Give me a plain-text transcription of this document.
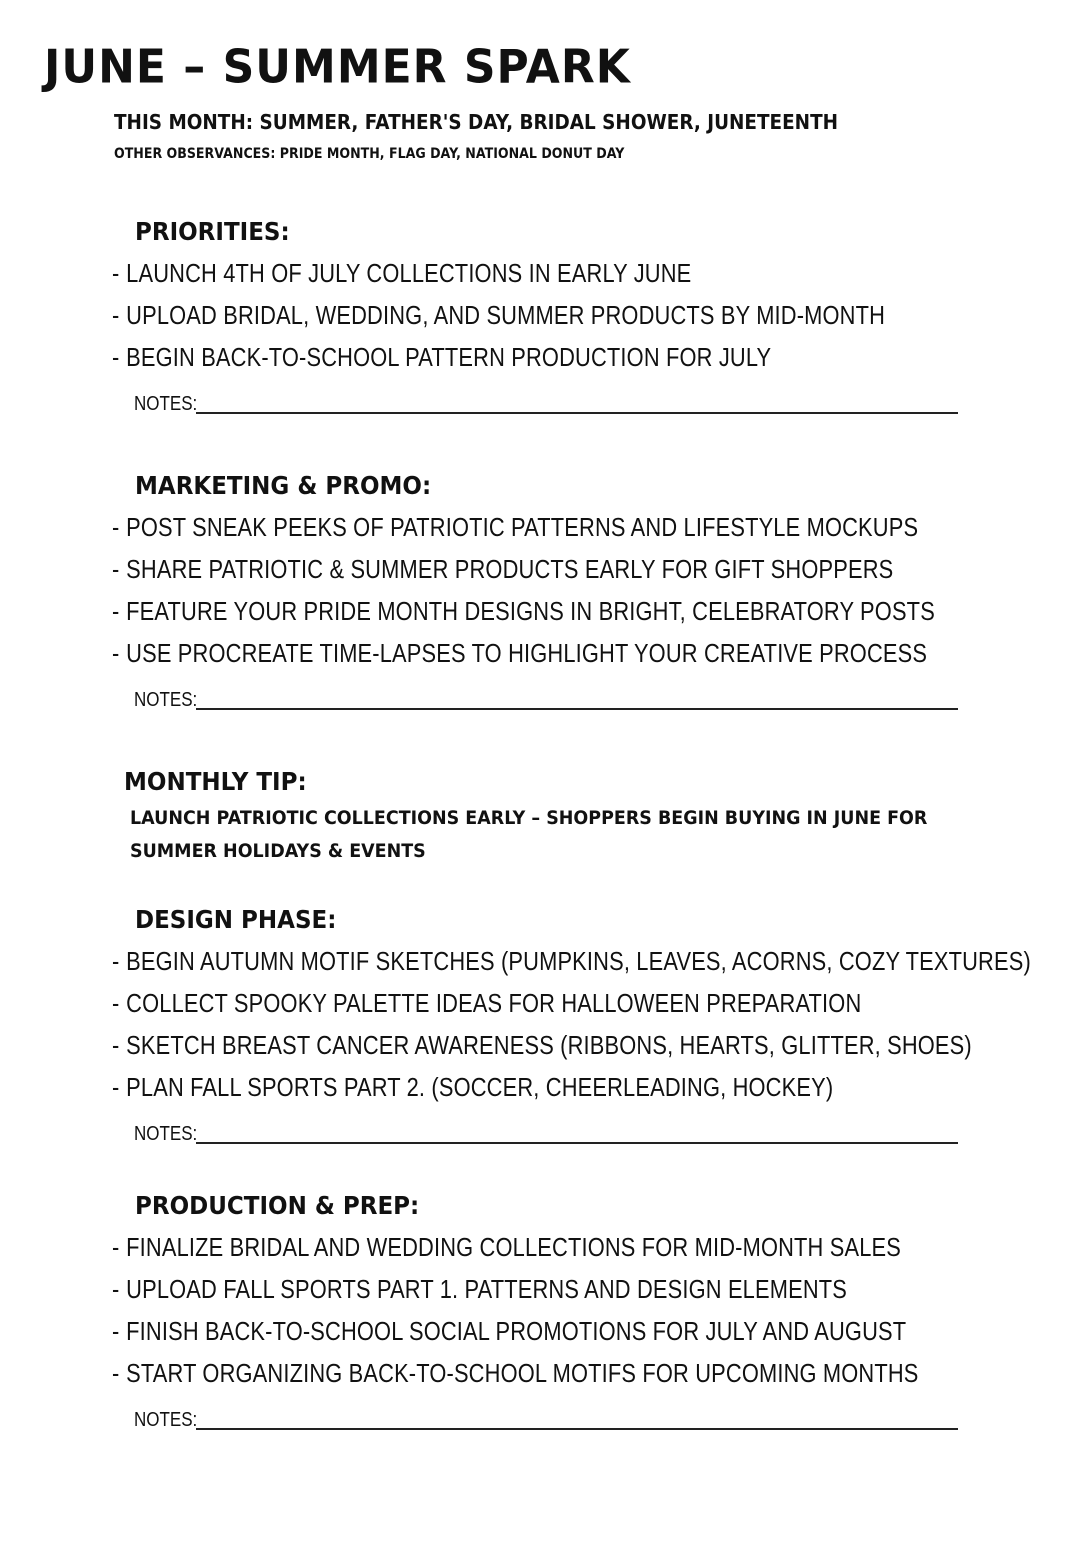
JUNE – SUMMER SPARK
THIS MONTH: SUMMER, FATHER'S DAY, BRIDAL SHOWER, JUNETEENTH
OTHER OBSERVANCES: PRIDE MONTH, FLAG DAY, NATIONAL DONUT DAY
PRIORITIES:
- LAUNCH 4TH OF JULY COLLECTIONS IN EARLY JUNE
- UPLOAD BRIDAL, WEDDING, AND SUMMER PRODUCTS BY MID-MONTH
- BEGIN BACK-TO-SCHOOL PATTERN PRODUCTION FOR JULY
NOTES:
MARKETING & PROMO:
- POST SNEAK PEEKS OF PATRIOTIC PATTERNS AND LIFESTYLE MOCKUPS
- SHARE PATRIOTIC & SUMMER PRODUCTS EARLY FOR GIFT SHOPPERS
- FEATURE YOUR PRIDE MONTH DESIGNS IN BRIGHT, CELEBRATORY POSTS
- USE PROCREATE TIME-LAPSES TO HIGHLIGHT YOUR CREATIVE PROCESS
NOTES:
MONTHLY TIP:
LAUNCH PATRIOTIC COLLECTIONS EARLY – SHOPPERS BEGIN BUYING IN JUNE FOR SUMMER HOLIDAYS & EVENTS
DESIGN PHASE:
- BEGIN AUTUMN MOTIF SKETCHES (PUMPKINS, LEAVES, ACORNS, COZY TEXTURES)
- COLLECT SPOOKY PALETTE IDEAS FOR HALLOWEEN PREPARATION
- SKETCH BREAST CANCER AWARENESS (RIBBONS, HEARTS, GLITTER, SHOES)
- PLAN FALL SPORTS PART 2. (SOCCER, CHEERLEADING, HOCKEY)
NOTES:
PRODUCTION & PREP:
- FINALIZE BRIDAL AND WEDDING COLLECTIONS FOR MID-MONTH SALES
- UPLOAD FALL SPORTS PART 1. PATTERNS AND DESIGN ELEMENTS
- FINISH BACK-TO-SCHOOL SOCIAL PROMOTIONS FOR JULY AND AUGUST
- START ORGANIZING BACK-TO-SCHOOL MOTIFS FOR UPCOMING MONTHS
NOTES:
